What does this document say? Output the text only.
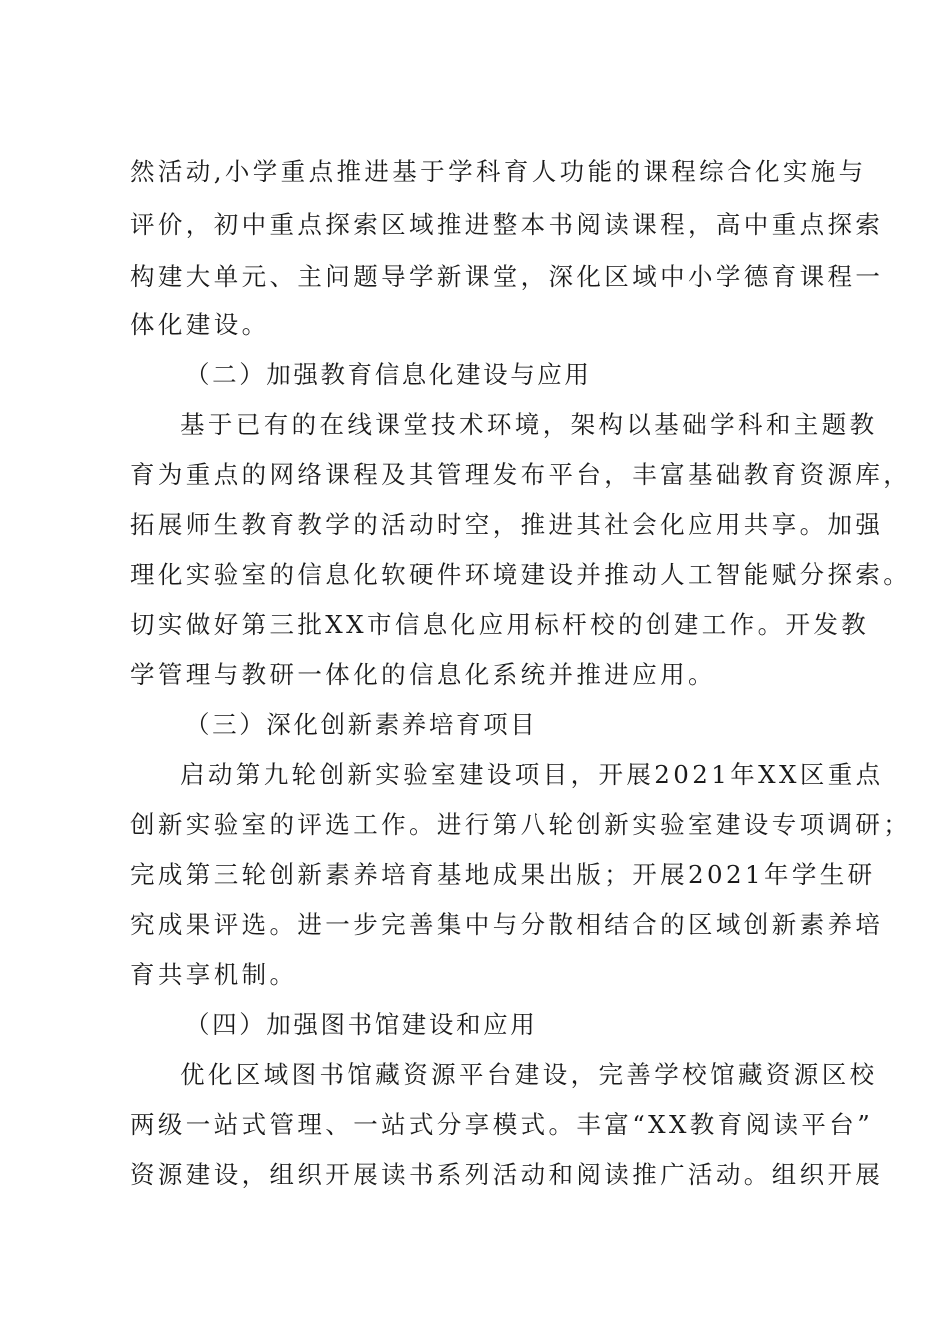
然活动,小学重点推进基于学科育人功能的课程综合化实施与
评价，初中重点探索区域推进整本书阅读课程，高中重点探索
构建大单元、主问题导学新课堂，深化区域中小学德育课程一
体化建设。
（二）加强教育信息化建设与应用
基于已有的在线课堂技术环境，架构以基础学科和主题教
育为重点的网络课程及其管理发布平台，丰富基础教育资源库，
拓展师生教育教学的活动时空，推进其社会化应用共享。加强
理化实验室的信息化软硬件环境建设并推动人工智能赋分探索。
切实做好第三批XX市信息化应用标杆校的创建工作。开发教
学管理与教研一体化的信息化系统并推进应用。
（三）深化创新素养培育项目
启动第九轮创新实验室建设项目，开展2021年XX区重点
创新实验室的评选工作。进行第八轮创新实验室建设专项调研；
完成第三轮创新素养培育基地成果出版；开展2021年学生研
究成果评选。进一步完善集中与分散相结合的区域创新素养培
育共享机制。
（四）加强图书馆建设和应用
优化区域图书馆藏资源平台建设，完善学校馆藏资源区校
两级一站式管理、一站式分享模式。丰富“XX教育阅读平台”
资源建设，组织开展读书系列活动和阅读推广活动。组织开展
